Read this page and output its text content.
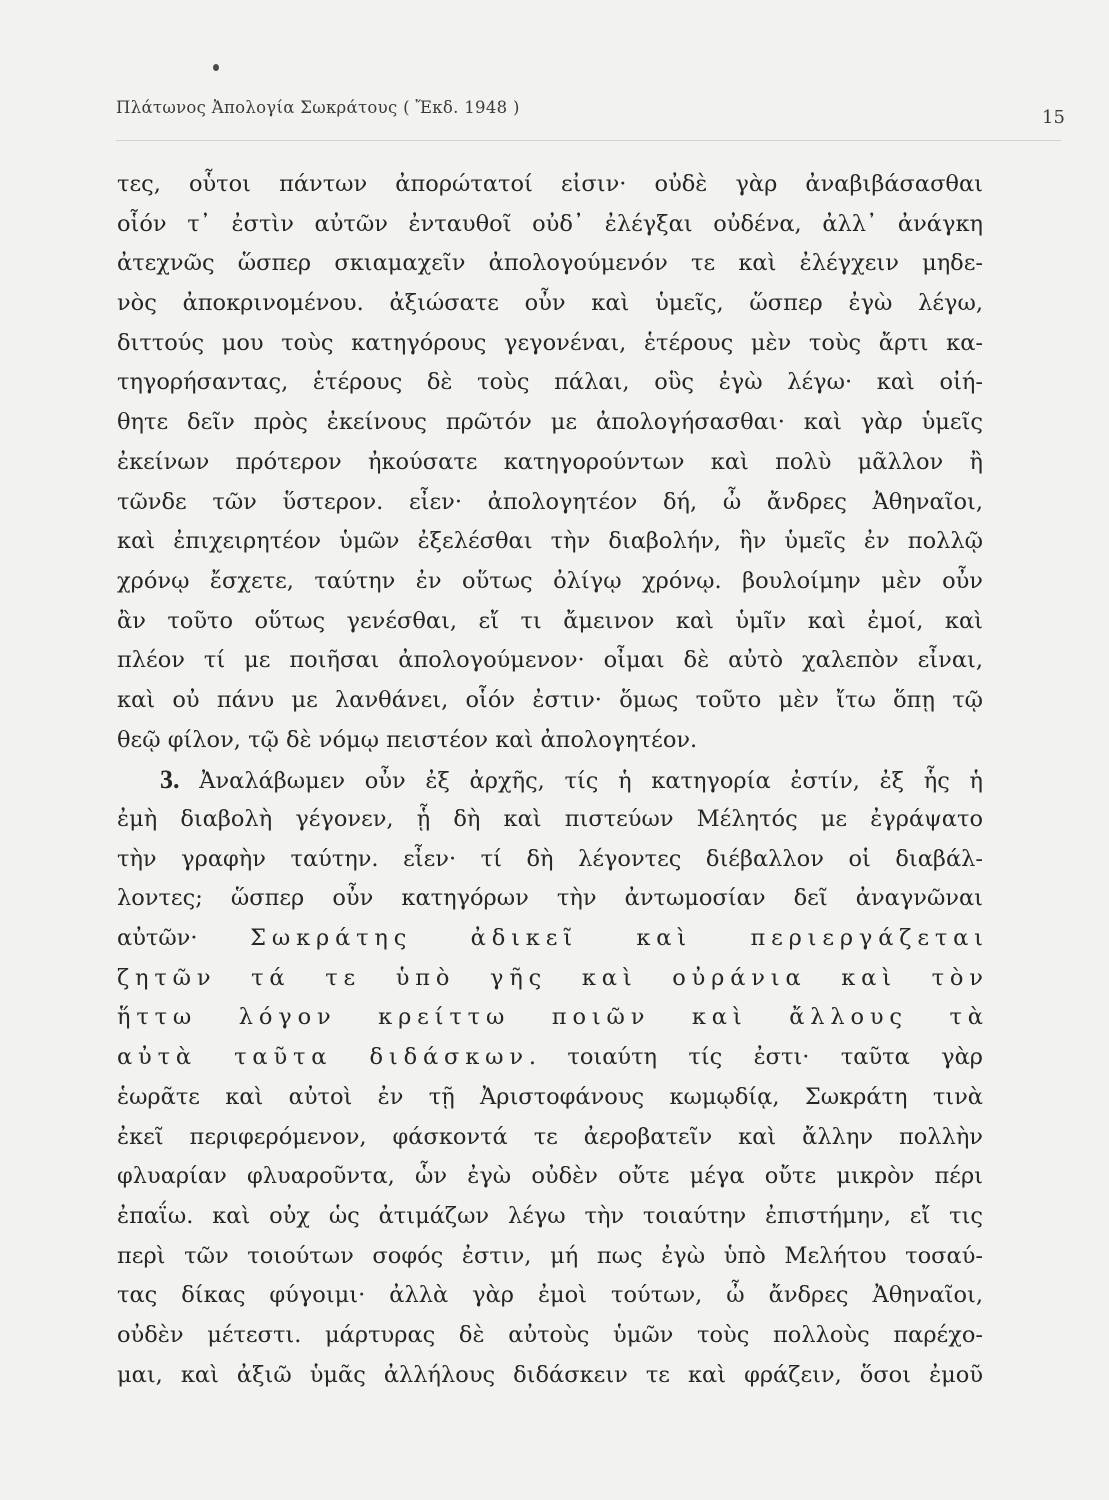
Πλάτωνος Ἀπολογία Σωκράτους ( Ἔκδ. 1948 )	15
τες, οὗτοι πάντων ἀπορώτατοί εἰσιν· οὐδὲ γὰρ ἀναβιβάσασθαι
οἷόν τ᾽ ἐστὶν αὐτῶν ἐνταυθοῖ οὐδ᾽ ἐλέγξαι οὐδένα, ἀλλ᾽ ἀνάγκη
ἀτεχνῶς ὥσπερ σκιαμαχεῖν ἀπολογούμενόν τε καὶ ἐλέγχειν μηδε-
νὸς ἀποκρινομένου. ἀξιώσατε οὖν καὶ ὑμεῖς, ὥσπερ ἐγὼ λέγω,
διττούς μου τοὺς κατηγόρους γεγονέναι, ἑτέρους μὲν τοὺς ἄρτι κα-
τηγορήσαντας, ἑτέρους δὲ τοὺς πάλαι, οὓς ἐγὼ λέγω· καὶ οἰή-
θητε δεῖν πρὸς ἐκείνους πρῶτόν με ἀπολογήσασθαι· καὶ γὰρ ὑμεῖς
ἐκείνων πρότερον ἠκούσατε κατηγορούντων καὶ πολὺ μᾶλλον ἢ
τῶνδε τῶν ὕστερον. εἶεν· ἀπολογητέον δή, ὦ ἄνδρες Ἀθηναῖοι,
καὶ ἐπιχειρητέον ὑμῶν ἐξελέσθαι τὴν διαβολήν, ἣν ὑμεῖς ἐν πολλῷ
χρόνῳ ἔσχετε, ταύτην ἐν οὕτως ὀλίγῳ χρόνῳ. βουλοίμην μὲν οὖν
ἂν τοῦτο οὕτως γενέσθαι, εἴ τι ἄμεινον καὶ ὑμῖν καὶ ἐμοί, καὶ
πλέον τί με ποιῆσαι ἀπολογούμενον· οἶμαι δὲ αὐτὸ χαλεπὸν εἶναι,
καὶ οὐ πάνυ με λανθάνει, οἷόν ἐστιν· ὅμως τοῦτο μὲν ἴτω ὅπῃ τῷ
θεῷ φίλον, τῷ δὲ νόμῳ πειστέον καὶ ἀπολογητέον.
3. Ἀναλάβωμεν οὖν ἐξ ἀρχῆς, τίς ἡ κατηγορία ἐστίν, ἐξ ἧς ἡ
ἐμὴ διαβολὴ γέγονεν, ᾗ δὴ καὶ πιστεύων Μέλητός με ἐγράψατο
τὴν γραφὴν ταύτην. εἶεν· τί δὴ λέγοντες διέβαλλον οἱ διαβάλ-
λοντες; ὥσπερ οὖν κατηγόρων τὴν ἀντωμοσίαν δεῖ ἀναγνῶναι
αὐτῶν· Σωκράτης ἀδικεῖ καὶ περιεργάζεται
ζητῶν τά τε ὑπὸ γῆς καὶ οὐράνια καὶ τὸν
ἥττω λόγον κρείττω ποιῶν καὶ ἄλλους τὰ
αὐτὰ ταῦτα διδάσκων. τοιαύτη τίς ἐστι· ταῦτα γὰρ
ἑωρᾶτε καὶ αὐτοὶ ἐν τῇ Ἀριστοφάνους κωμῳδίᾳ, Σωκράτη τινὰ
ἐκεῖ περιφερόμενον, φάσκοντά τε ἀεροβατεῖν καὶ ἄλλην πολλὴν
φλυαρίαν φλυαροῦντα, ὧν ἐγὼ οὐδὲν οὔτε μέγα οὔτε μικρὸν πέρι
ἐπαΐω. καὶ οὐχ ὡς ἀτιμάζων λέγω τὴν τοιαύτην ἐπιστήμην, εἴ τις
περὶ τῶν τοιούτων σοφός ἐστιν, μή πως ἐγὼ ὑπὸ Μελήτου τοσαύ-
τας δίκας φύγοιμι· ἀλλὰ γὰρ ἐμοὶ τούτων, ὦ ἄνδρες Ἀθηναῖοι,
οὐδὲν μέτεστι. μάρτυρας δὲ αὐτοὺς ὑμῶν τοὺς πολλοὺς παρέχο-
μαι, καὶ ἀξιῶ ὑμᾶς ἀλλήλους διδάσκειν τε καὶ φράζειν, ὅσοι ἐμοῦ
